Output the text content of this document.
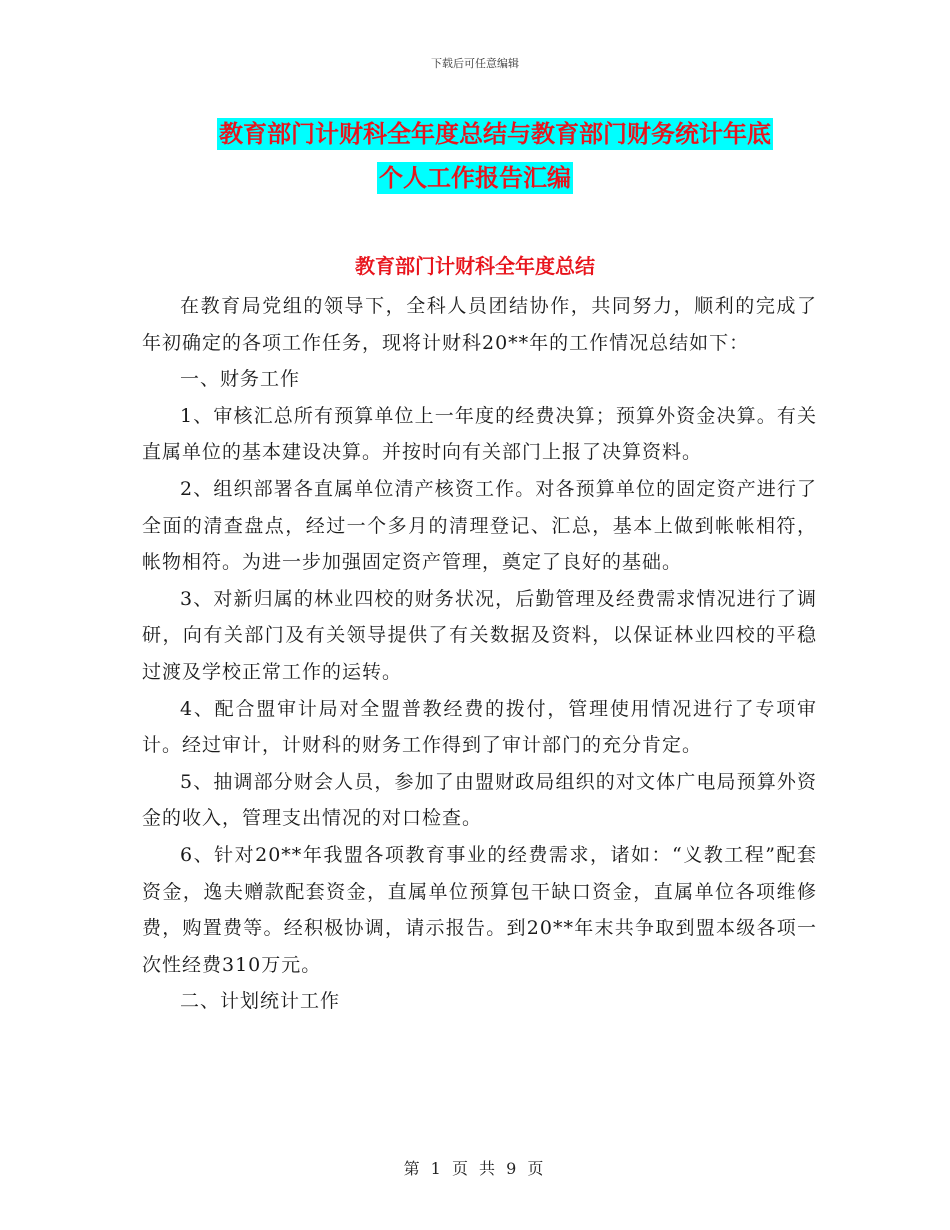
下载后可任意编辑
教育部门计财科全年度总结与教育部门财务统计年底
个人工作报告汇编
教育部门计财科全年度总结

在教育局党组的领导下，全科人员团结协作，共同努力，顺利的完成了年初确定的各项工作任务，现将计财科20**年的工作情况总结如下：

一、财务工作

1、审核汇总所有预算单位上一年度的经费决算；预算外资金决算。有关直属单位的基本建设决算。并按时向有关部门上报了决算资料。

2、组织部署各直属单位清产核资工作。对各预算单位的固定资产进行了全面的清查盘点，经过一个多月的清理登记、汇总，基本上做到帐帐相符，帐物相符。为进一步加强固定资产管理，奠定了良好的基础。

3、对新归属的林业四校的财务状况，后勤管理及经费需求情况进行了调研，向有关部门及有关领导提供了有关数据及资料，以保证林业四校的平稳过渡及学校正常工作的运转。

4、配合盟审计局对全盟普教经费的拨付，管理使用情况进行了专项审计。经过审计，计财科的财务工作得到了审计部门的充分肯定。

5、抽调部分财会人员，参加了由盟财政局组织的对文体广电局预算外资金的收入，管理支出情况的对口检查。

6、针对20**年我盟各项教育事业的经费需求，诸如：“义教工程”配套资金，逸夫赠款配套资金，直属单位预算包干缺口资金，直属单位各项维修费，购置费等。经积极协调，请示报告。到20**年末共争取到盟本级各项一次性经费310万元。

二、计划统计工作

第 1 页 共 9 页
